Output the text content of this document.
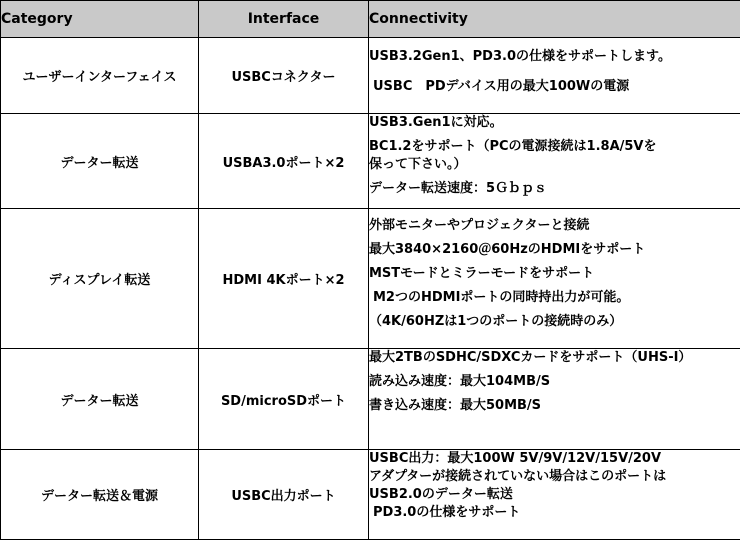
Category	Interface	Connectivity
ユーザーインターフェイス	USBCコネクター	USB3.2Gen1、PD3.0の仕様をサポートします。
USBC　PDデバイス用の最大100Wの電源

データー転送	USBA3.0ポート×2	USB3.Gen1に対応。
BC1.2をサポート（PCの電源接続は1.8A/5Vを
保って下さい。）
データー転送速度：5Ｇｂｐｓ

ディスプレイ転送	HDMI 4Kポート×2	外部モニターやプロジェクターと接続
最大3840×2160＠60HzのHDMIをサポート
MSTモードとミラーモードをサポート
M2つのHDMIポートの同時持出力が可能。
（4K/60HZは1つのポートの接続時のみ）

データー転送	SD/microSDポート	最大2TBのSDHC/SDXCカードをサポート（UHS-I）
読み込み速度：最大104MB/S
書き込み速度：最大50MB/S

データー転送＆電源	USBC出力ポート	USBC出力：最大100W 5V/9V/12V/15V/20V
アダプターが接続されていない場合はこのポートは
USB2.0のデーター転送
PD3.0の仕様をサポート
